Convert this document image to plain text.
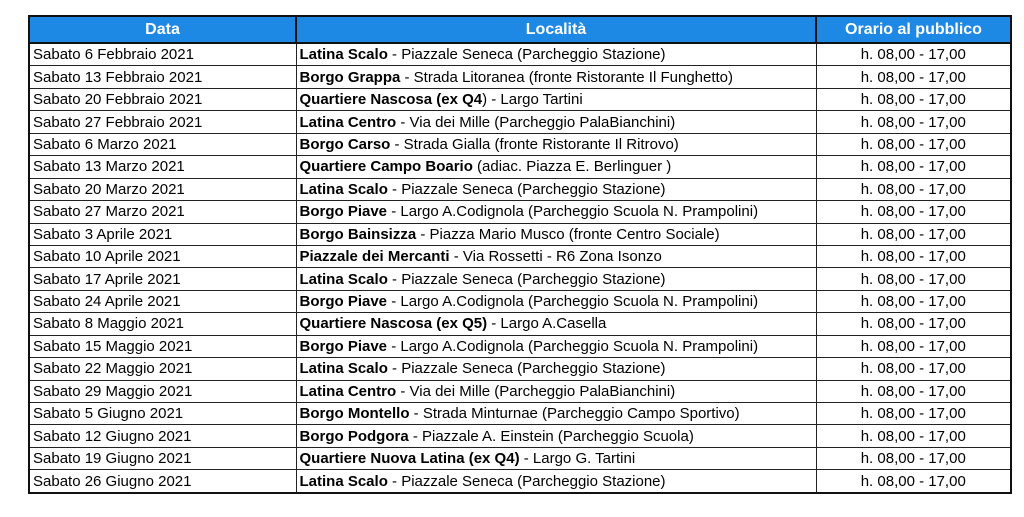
Data	Località	Orario al pubblico
Sabato 6 Febbraio 2021	Latina Scalo - Piazzale Seneca (Parcheggio Stazione)	h. 08,00 - 17,00
Sabato 13 Febbraio 2021	Borgo Grappa - Strada Litoranea (fronte Ristorante Il Funghetto)	h. 08,00 - 17,00
Sabato 20 Febbraio 2021	Quartiere Nascosa (ex Q4) - Largo Tartini	h. 08,00 - 17,00
Sabato 27 Febbraio 2021	Latina Centro - Via dei Mille (Parcheggio PalaBianchini)	h. 08,00 - 17,00
Sabato 6 Marzo 2021	Borgo Carso - Strada Gialla (fronte Ristorante Il Ritrovo)	h. 08,00 - 17,00
Sabato 13 Marzo 2021	Quartiere Campo Boario (adiac. Piazza E. Berlinguer )	h. 08,00 - 17,00
Sabato 20 Marzo 2021	Latina Scalo - Piazzale Seneca (Parcheggio Stazione)	h. 08,00 - 17,00
Sabato 27 Marzo 2021	Borgo Piave - Largo A.Codignola (Parcheggio Scuola N. Prampolini)	h. 08,00 - 17,00
Sabato 3 Aprile 2021	Borgo Bainsizza - Piazza Mario Musco (fronte Centro Sociale)	h. 08,00 - 17,00
Sabato 10 Aprile 2021	Piazzale dei Mercanti - Via Rossetti - R6 Zona Isonzo	h. 08,00 - 17,00
Sabato 17 Aprile 2021	Latina Scalo - Piazzale Seneca (Parcheggio Stazione)	h. 08,00 - 17,00
Sabato 24 Aprile 2021	Borgo Piave - Largo A.Codignola (Parcheggio Scuola N. Prampolini)	h. 08,00 - 17,00
Sabato 8 Maggio 2021	Quartiere Nascosa (ex Q5) - Largo A.Casella	h. 08,00 - 17,00
Sabato 15 Maggio 2021	Borgo Piave - Largo A.Codignola (Parcheggio Scuola N. Prampolini)	h. 08,00 - 17,00
Sabato 22 Maggio 2021	Latina Scalo - Piazzale Seneca (Parcheggio Stazione)	h. 08,00 - 17,00
Sabato 29 Maggio 2021	Latina Centro - Via dei Mille (Parcheggio PalaBianchini)	h. 08,00 - 17,00
Sabato 5 Giugno 2021	Borgo Montello - Strada Minturnae (Parcheggio Campo Sportivo)	h. 08,00 - 17,00
Sabato 12 Giugno 2021	Borgo Podgora - Piazzale A. Einstein (Parcheggio Scuola)	h. 08,00 - 17,00
Sabato 19 Giugno 2021	Quartiere Nuova Latina (ex Q4) - Largo G. Tartini	h. 08,00 - 17,00
Sabato 26 Giugno 2021	Latina Scalo - Piazzale Seneca (Parcheggio Stazione)	h. 08,00 - 17,00
